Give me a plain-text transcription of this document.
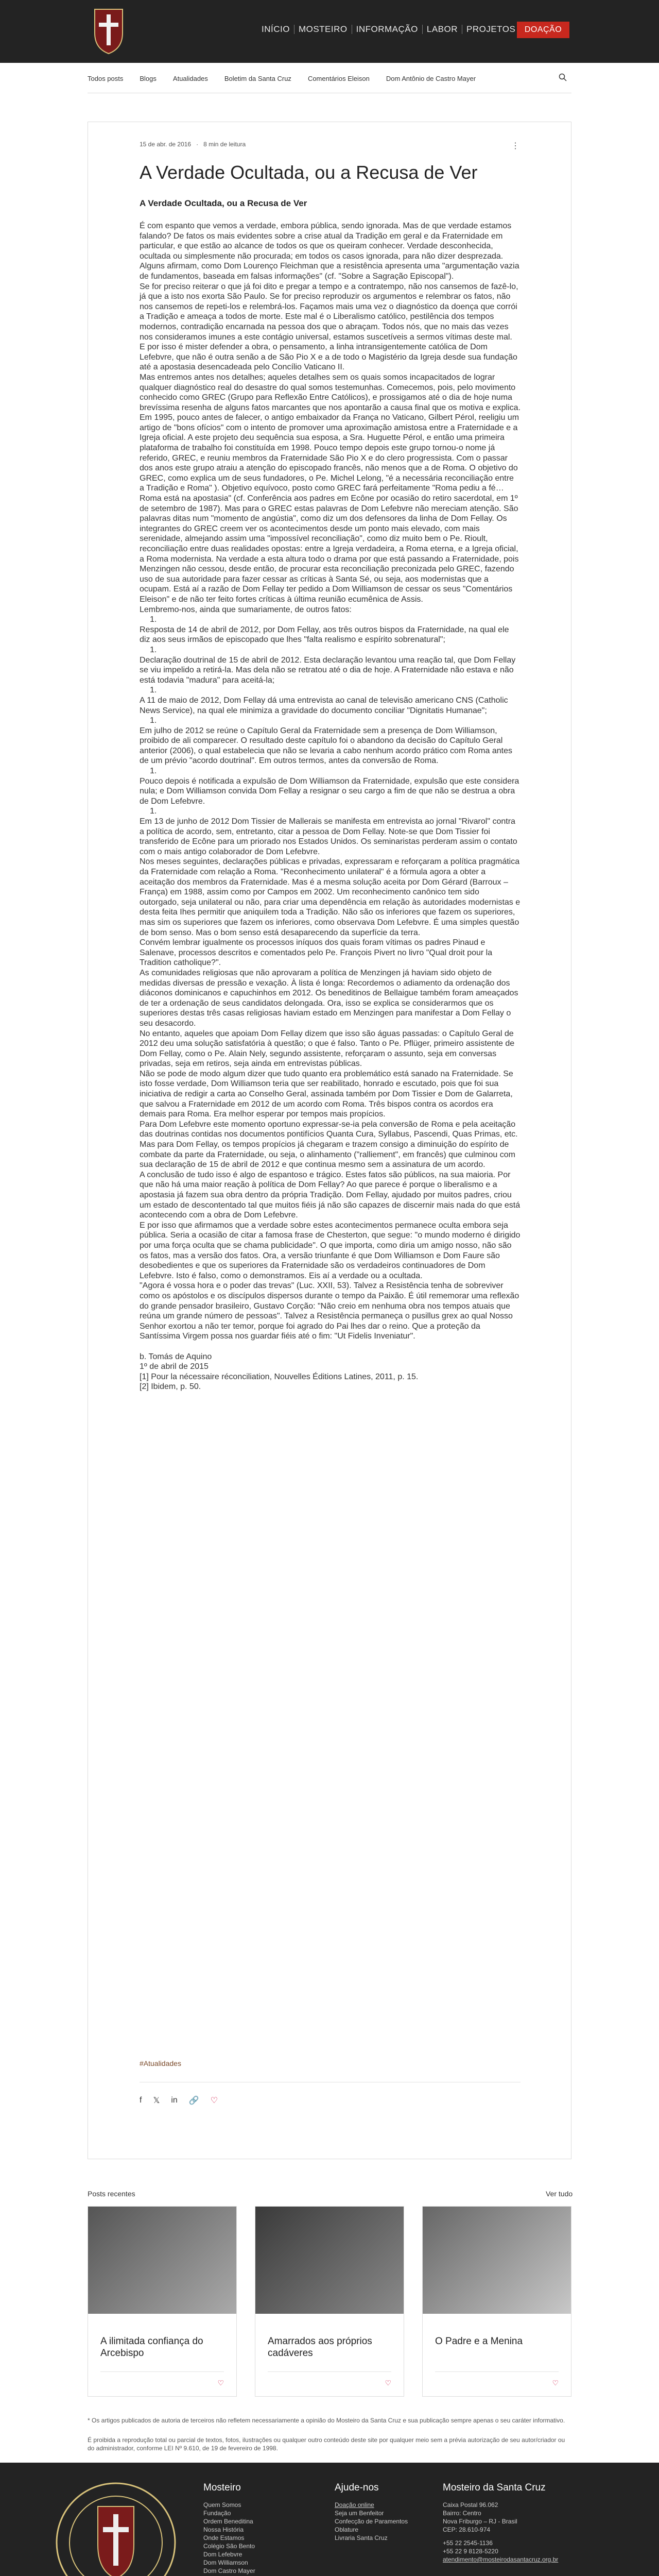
INÍCIO	MOSTEIRO	INFORMAÇÃO	LABOR	PROJETOS	DOAÇÃO
Todos posts Blogs Atualidades Boletim da Santa Cruz Comentários Eleison Dom Antônio de Castro Mayer
15 de abr. de 2016 · 8 min de leitura	⋮
A Verdade Ocultada, ou a Recusa de Ver
A Verdade Ocultada, ou a Recusa de Ver

É com espanto que vemos a verdade, embora pública, sendo ignorada. Mas de que verdade estamos falando? De fatos os mais evidentes sobre a crise atual da Tradição em geral e da Fraternidade em particular, e que estão ao alcance de todos os que os queiram conhecer. Verdade desconhecida, ocultada ou simplesmente não procurada; em todos os casos ignorada, para não dizer desprezada.

Alguns afirmam, como Dom Lourenço Fleichman que a resistência apresenta uma "argumentação vazia de fundamentos, baseada em falsas informações" (cf. "Sobre a Sagração Episcopal").

Se for preciso reiterar o que já foi dito e pregar a tempo e a contratempo, não nos cansemos de fazê-lo, já que a isto nos exorta São Paulo. Se for preciso reproduzir os argumentos e relembrar os fatos, não nos cansemos de repeti-los e relembrá-los. Façamos mais uma vez o diagnóstico da doença que corrói a Tradição e ameaça a todos de morte. Este mal é o Liberalismo católico, pestilência dos tempos modernos, contradição encarnada na pessoa dos que o abraçam. Todos nós, que no mais das vezes nos consideramos imunes a este contágio universal, estamos suscetíveis a sermos vítimas deste mal.

E por isso é mister defender a obra, o pensamento, a linha intransigentemente católica de Dom Lefebvre, que não é outra senão a de São Pio X e a de todo o Magistério da Igreja desde sua fundação até a apostasia desencadeada pelo Concílio Vaticano II.

Mas entremos antes nos detalhes; aqueles detalhes sem os quais somos incapacitados de lograr qualquer diagnóstico real do desastre do qual somos testemunhas. Comecemos, pois, pelo movimento conhecido como GREC (Grupo para Reflexão Entre Católicos), e prossigamos até o dia de hoje numa brevíssima resenha de alguns fatos marcantes que nos apontarão a causa final que os motiva e explica.

Em 1995, pouco antes de falecer, o antigo embaixador da França no Vaticano, Gilbert Pérol, reeligiu um artigo de "bons ofícios" com o intento de promover uma aproximação amistosa entre a Fraternidade e a Igreja oficial. A este projeto deu sequência sua esposa, a Sra. Huguette Pérol, e então uma primeira plataforma de trabalho foi constituída em 1998. Pouco tempo depois este grupo tornou-o nome já referido, GREC, e reuniu membros da Fraternidade São Pio X e do clero progressista. Com o passar dos anos este grupo atraiu a atenção do episcopado francês, não menos que a de Roma. O objetivo do GREC, como explica um de seus fundadores, o Pe. Michel Lelong, "é a necessária reconciliação entre a Tradição e Roma" ). Objetivo equívoco, posto como GREC fará perfeitamente "Roma pediu a fé… Roma está na apostasia" (cf. Conferência aos padres em Ecône por ocasião do retiro sacerdotal, em 1º de setembro de 1987). Mas para o GREC estas palavras de Dom Lefebvre não mereciam atenção. São palavras ditas num "momento de angústia", como diz um dos defensores da linha de Dom Fellay. Os integrantes do GREC creem ver os acontecimentos desde um ponto mais elevado, com mais serenidade, almejando assim uma "impossível reconciliação", como diz muito bem o Pe. Rioult, reconciliação entre duas realidades opostas: entre a Igreja verdadeira, a Roma eterna, e a Igreja oficial, a Roma modernista. Na verdade a esta altura todo o drama por que está passando a Fraternidade, pois Menzingen não cessou, desde então, de procurar esta reconciliação preconizada pelo GREC, fazendo uso de sua autoridade para fazer cessar as críticas à Santa Sé, ou seja, aos modernistas que a ocupam. Está aí a razão de Dom Fellay ter pedido a Dom Williamson de cessar os seus "Comentários Eleison" e de não ter feito fortes críticas à última reunião ecumênica de Assis.

Lembremo-nos, ainda que sumariamente, de outros fatos:

1.

Resposta de 14 de abril de 2012, por Dom Fellay, aos três outros bispos da Fraternidade, na qual ele diz aos seus irmãos de episcopado que lhes "falta realismo e espírito sobrenatural";

1.

Declaração doutrinal de 15 de abril de 2012. Esta declaração levantou uma reação tal, que Dom Fellay se viu impelido a retirá-la. Mas dela não se retratou até o dia de hoje. A Fraternidade não estava e não está todavia "madura" para aceitá-la;

1.

A 11 de maio de 2012, Dom Fellay dá uma entrevista ao canal de televisão americano CNS (Catholic News Service), na qual ele minimiza a gravidade do documento conciliar "Dignitatis Humanae";

1.

Em julho de 2012 se reúne o Capítulo Geral da Fraternidade sem a presença de Dom Williamson, proibido de ali comparecer. O resultado deste capítulo foi o abandono da decisão do Capítulo Geral anterior (2006), o qual estabelecia que não se levaria a cabo nenhum acordo prático com Roma antes de um prévio "acordo doutrinal". Em outros termos, antes da conversão de Roma.

1.

Pouco depois é notificada a expulsão de Dom Williamson da Fraternidade, expulsão que este considera nula; e Dom Williamson convida Dom Fellay a resignar o seu cargo a fim de que não se destrua a obra de Dom Lefebvre.

1.

Em 13 de junho de 2012 Dom Tissier de Mallerais se manifesta em entrevista ao jornal "Rivarol" contra a política de acordo, sem, entretanto, citar a pessoa de Dom Fellay. Note-se que Dom Tissier foi transferido de Ecône para um priorado nos Estados Unidos. Os seminaristas perderam assim o contato com o mais antigo colaborador de Dom Lefebvre.

Nos meses seguintes, declarações públicas e privadas, expressaram e reforçaram a política pragmática da Fraternidade com relação a Roma. "Reconhecimento unilateral" é a fórmula agora a obter a aceitação dos membros da Fraternidade. Mas é a mesma solução aceita por Dom Gérard (Barroux – França) em 1988, assim como por Campos em 2002. Um reconhecimento canônico tem sido outorgado, seja unilateral ou não, para criar uma dependência em relação às autoridades modernistas e desta feita Ihes permitir que aniquilem toda a Tradição. Não são os inferiores que fazem os superiores, mas sim os superiores que fazem os inferiores, como observava Dom Lefebvre. É uma simples questão de bom senso. Mas o bom senso está desaparecendo da superfície da terra.

Convém lembrar igualmente os processos iníquos dos quais foram vítimas os padres Pinaud e Salenave, processos descritos e comentados pelo Pe. François Pivert no livro "Qual droit pour la Tradition catholique?".

As comunidades religiosas que não aprovaram a política de Menzingen já haviam sido objeto de medidas diversas de pressão e vexação. À lista é longa: Recordemos o adiamento da ordenação dos diáconos dominicanos e capuchinhos em 2012. Os beneditinos de Bellaigue também foram ameaçados de ter a ordenação de seus candidatos delongada. Ora, isso se explica se considerarmos que os superiores destas três casas religiosas haviam estado em Menzingen para manifestar a Dom Fellay o seu desacordo.

No entanto, aqueles que apoiam Dom Fellay dizem que isso são águas passadas: o Capítulo Geral de 2012 deu uma solução satisfatória à questão; o que é falso. Tanto o Pe. Pflüger, primeiro assistente de Dom Fellay, como o Pe. Alain Nely, segundo assistente, reforçaram o assunto, seja em conversas privadas, seja em retiros, seja ainda em entrevistas públicas.

Não se pode de modo algum dizer que tudo quanto era problemático está sanado na Fraternidade. Se isto fosse verdade, Dom Williamson teria que ser reabilitado, honrado e escutado, pois que foi sua iniciativa de redigir a carta ao Conselho Geral, assinada também por Dom Tissier e Dom de Galarreta, que salvou a Fraternidade em 2012 de um acordo com Roma. Três bispos contra os acordos era demais para Roma. Era melhor esperar por tempos mais propícios.

Para Dom Lefebvre este momento oportuno expressar-se-ia pela conversão de Roma e pela aceitação das doutrinas contidas nos documentos pontifícios Quanta Cura, Syllabus, Pascendi, Quas Primas, etc. Mas para Dom Fellay, os tempos propícios já chegaram e trazem consigo a diminuição do espírito de combate da parte da Fraternidade, ou seja, o alinhamento ("ralliement", em francês) que culminou com sua declaração de 15 de abril de 2012 e que continua mesmo sem a assinatura de um acordo.

A conclusão de tudo isso é algo de espantoso e trágico. Estes fatos são públicos, na sua maioria. Por que não há uma maior reação à política de Dom Fellay? Ao que parece é porque o liberalismo e a apostasia já fazem sua obra dentro da própria Tradição. Dom Fellay, ajudado por muitos padres, criou um estado de descontentado tal que muitos fiéis já não são capazes de discernir mais nada do que está acontecendo com a obra de Dom Lefebvre.

E por isso que afirmamos que a verdade sobre estes acontecimentos permanece oculta embora seja pública. Seria a ocasião de citar a famosa frase de Chesterton, que segue: "o mundo moderno é dirigido por uma força oculta que se chama publicidade". O que importa, como diria um amigo nosso, não são os fatos, mas a versão dos fatos. Ora, a versão triunfante é que Dom Williamson e Dom Faure são desobedientes e que os superiores da Fraternidade são os verdadeiros continuadores de Dom Lefebvre. Isto é falso, como o demonstramos. Eis aí a verdade ou a ocultada.

"Agora é vossa hora e o poder das trevas" (Luc. XXII, 53). Talvez a Resistência tenha de sobreviver como os apóstolos e os discípulos dispersos durante o tempo da Paixão. É útil rememorar uma reflexão do grande pensador brasileiro, Gustavo Corção: "Não creio em nenhuma obra nos tempos atuais que reúna um grande número de pessoas". Talvez a Resistência permaneça o pusillus grex ao qual Nosso Senhor exortou a não ter temor, porque foi agrado do Pai lhes dar o reino. Que a proteção da Santíssima Virgem possa nos guardar fiéis até o fim: "Ut Fidelis Inveniatur".

b. Tomás de Aquino

1º de abril de 2015

[1] Pour la nécessaire réconciliation, Nouvelles Éditions Latines, 2011, p. 15.

[2] Ibidem, p. 50.

#Atualidades
f 𝕏 in 🔗 ♡
Posts recentes	Ver tudo
A ilimitada confiança do Arcebispo
♡
Amarrados aos próprios cadáveres
♡
O Padre e a Menina
♡
* Os artigos publicados de autoria de terceiros não refletem necessariamente a opinião do Mosteiro da Santa Cruz e sua publicação sempre apenas o seu caráter informativo.
É proibida a reprodução total ou parcial de textos, fotos, ilustrações ou qualquer outro conteúdo deste site por qualquer meio sem a prévia autorização de seu autor/criador ou do administrador, conforme LEI Nº 9.610, de 19 de fevereiro de 1998.
Mosteiro
Quem Somos
Fundação
Ordem Beneditina
Nossa História
Onde Estamos
Colégio São Bento
Dom Lefebvre
Dom Williamson
Dom Castro Mayer
Ajude-nos
Doação online
Seja um Benfeitor
Confecção de Paramentos
Oblature
Livraria Santa Cruz
Mosteiro da Santa Cruz
Caixa Postal 96.062
Bairro: Centro
Nova Friburgo – RJ - Brasil
CEP: 28.610-974
+55 22 2545-1136
+55 22 9 8128-5220
atendimento@mosteirodasantacruz.org.br
